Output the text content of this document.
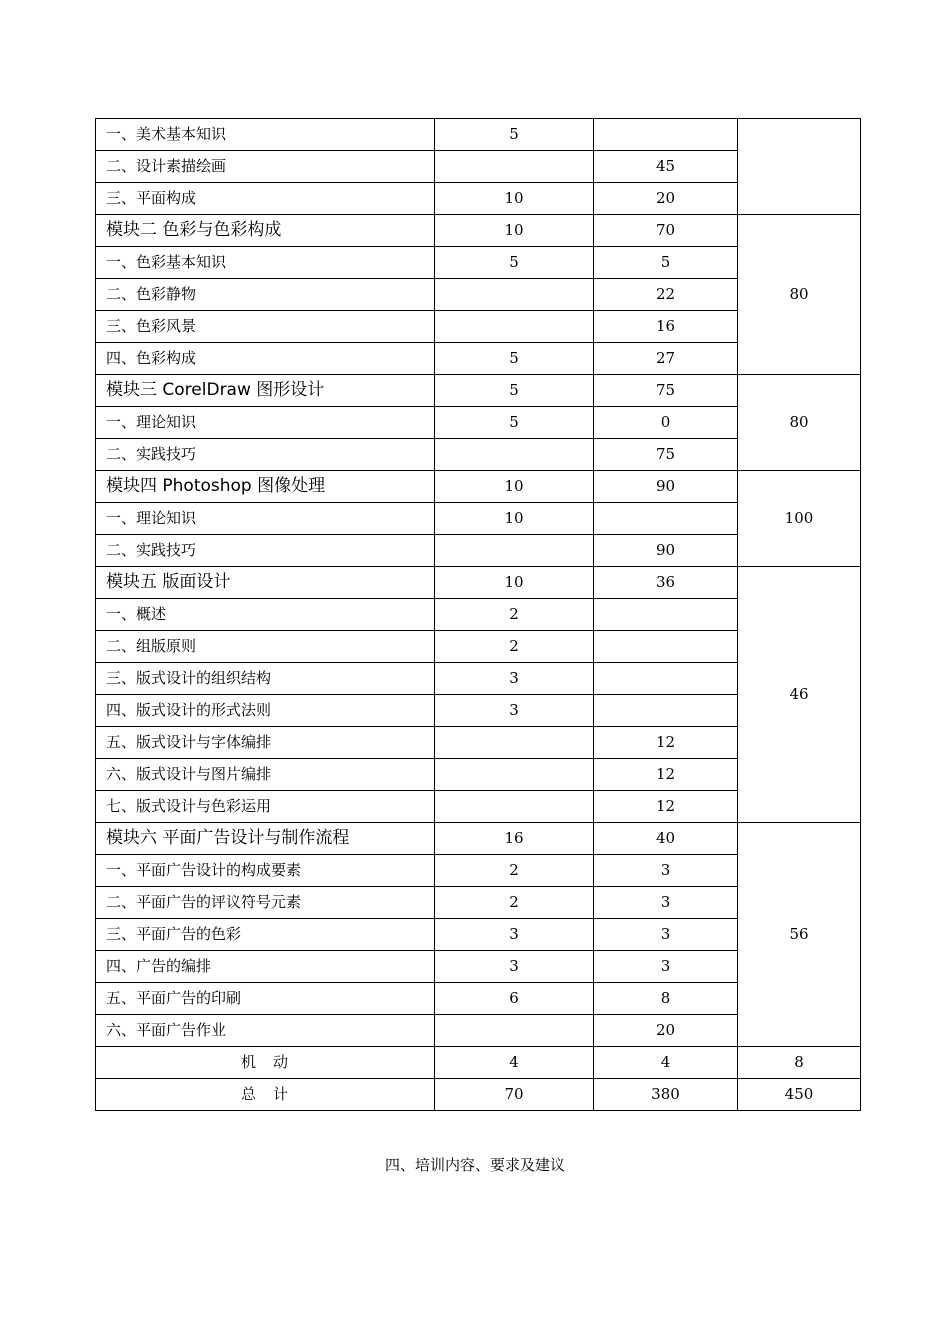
一、美术基本知识	5		
二、设计素描绘画		45	
三、平面构成	10	20	
模块二 色彩与色彩构成	10	70	80
一、色彩基本知识	5	5	
二、色彩静物		22	
三、色彩风景		16	
四、色彩构成	5	27	
模块三 CorelDraw 图形设计	5	75	80
一、理论知识	5	0	
二、实践技巧		75	
模块四 Photoshop 图像处理	10	90	100
一、理论知识	10		
二、实践技巧		90	
模块五 版面设计	10	36	46
一、概述	2		
二、组版原则	2		
三、版式设计的组织结构	3		
四、版式设计的形式法则	3		
五、版式设计与字体编排		12	
六、版式设计与图片编排		12	
七、版式设计与色彩运用		12	
模块六 平面广告设计与制作流程	16	40	56
一、平面广告设计的构成要素	2	3	
二、平面广告的评议符号元素	2	3	
三、平面广告的色彩	3	3	
四、广告的编排	3	3	
五、平面广告的印刷	6	8	
六、平面广告作业		20	
机　动	4	4	8
总　计	70	380	450
四、培训内容、要求及建议
